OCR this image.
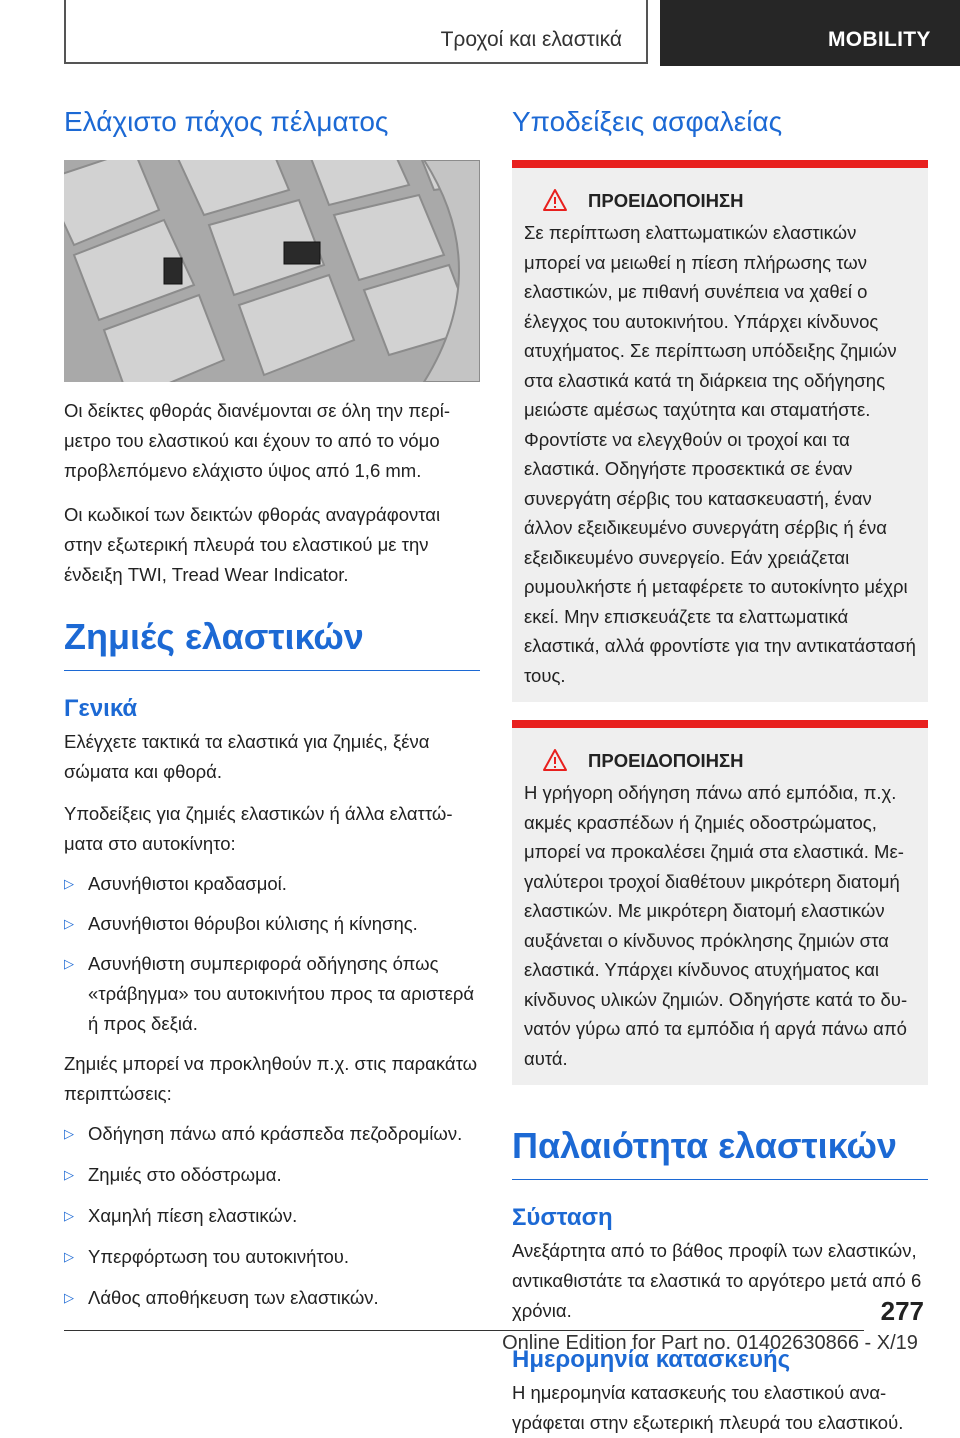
Τροχοί και ελαστικά	MOBILITY
Ελάχιστο πάχος πέλματος

Οι δείκτες φθοράς διανέμονται σε όλη την περίμετρο του ελαστικού και έχουν το από το νόμο προβλεπόμενο ελάχιστο ύψος από 1,6 mm.

Οι κωδικοί των δεικτών φθοράς αναγράφονται στην εξωτερική πλευρά του ελαστικού με την ένδειξη TWI, Tread Wear Indicator.

Ζημιές ελαστικών
Γενικά

Ελέγχετε τακτικά τα ελαστικά για ζημιές, ξένα σώματα και φθορά.

Υποδείξεις για ζημιές ελαστικών ή άλλα ελαττώματα στο αυτοκίνητο:

▷ Ασυνήθιστοι κραδασμοί.
▷ Ασυνήθιστοι θόρυβοι κύλισης ή κίνησης.
▷ Ασυνήθιστη συμπεριφορά οδήγησης όπως «τράβηγμα» του αυτοκινήτου προς τα αριστερά ή προς δεξιά.

Ζημιές μπορεί να προκληθούν π.χ. στις παρακάτω περιπτώσεις:

▷ Οδήγηση πάνω από κράσπεδα πεζοδρομίων.
▷ Ζημιές στο οδόστρωμα.
▷ Χαμηλή πίεση ελαστικών.
▷ Υπερφόρτωση του αυτοκινήτου.
▷ Λάθος αποθήκευση των ελαστικών.
Υποδείξεις ασφαλείας
ΠΡΟΕΙΔΟΠΟΙΗΣΗ

Σε περίπτωση ελαττωματικών ελαστικών μπορεί να μειωθεί η πίεση πλήρωσης των ελαστικών, με πιθανή συνέπεια να χαθεί ο έλεγχος του αυτοκινήτου. Υπάρχει κίνδυνος ατυχήματος. Σε περίπτωση υπόδειξης ζημιών στα ελαστικά κατά τη διάρκεια της οδήγησης μειώστε αμέσως ταχύτητα και σταματήστε. Φροντίστε να ελεγχθούν οι τροχοί και τα ελαστικά. Οδηγήστε προσεκτικά σε έναν συνεργάτη σέρβις του κατασκευαστή, έναν άλλον εξειδικευμένο συνεργάτη σέρβις ή ένα εξειδικευμένο συνεργείο. Εάν χρειάζεται ρυμουλκήστε ή μεταφέρετε το αυτοκίνητο μέχρι εκεί. Μην επισκευάζετε τα ελαττωματικά ελαστικά, αλλά φροντίστε για την αντικατάστασή τους.

ΠΡΟΕΙΔΟΠΟΙΗΣΗ

Η γρήγορη οδήγηση πάνω από εμπόδια, π.χ. ακμές κρασπέδων ή ζημιές οδοστρώματος, μπορεί να προκαλέσει ζημιά στα ελαστικά. Μεγαλύτεροι τροχοί διαθέτουν μικρότερη διατομή ελαστικών. Με μικρότερη διατομή ελαστικών αυξάνεται ο κίνδυνος πρόκλησης ζημιών στα ελαστικά. Υπάρχει κίνδυνος ατυχήματος και κίνδυνος υλικών ζημιών. Οδηγήστε κατά το δυνατόν γύρω από τα εμπόδια ή αργά πάνω από αυτά.

Παλαιότητα ελαστικών
Σύσταση

Ανεξάρτητα από το βάθος προφίλ των ελαστικών, αντικαθιστάτε τα ελαστικά το αργότερο μετά από 6 χρόνια.

Ημερομηνία κατασκευής

Η ημερομηνία κατασκευής του ελαστικού αναγράφεται στην εξωτερική πλευρά του ελαστικού.

277
Online Edition for Part no. 01402630866 - X/19
